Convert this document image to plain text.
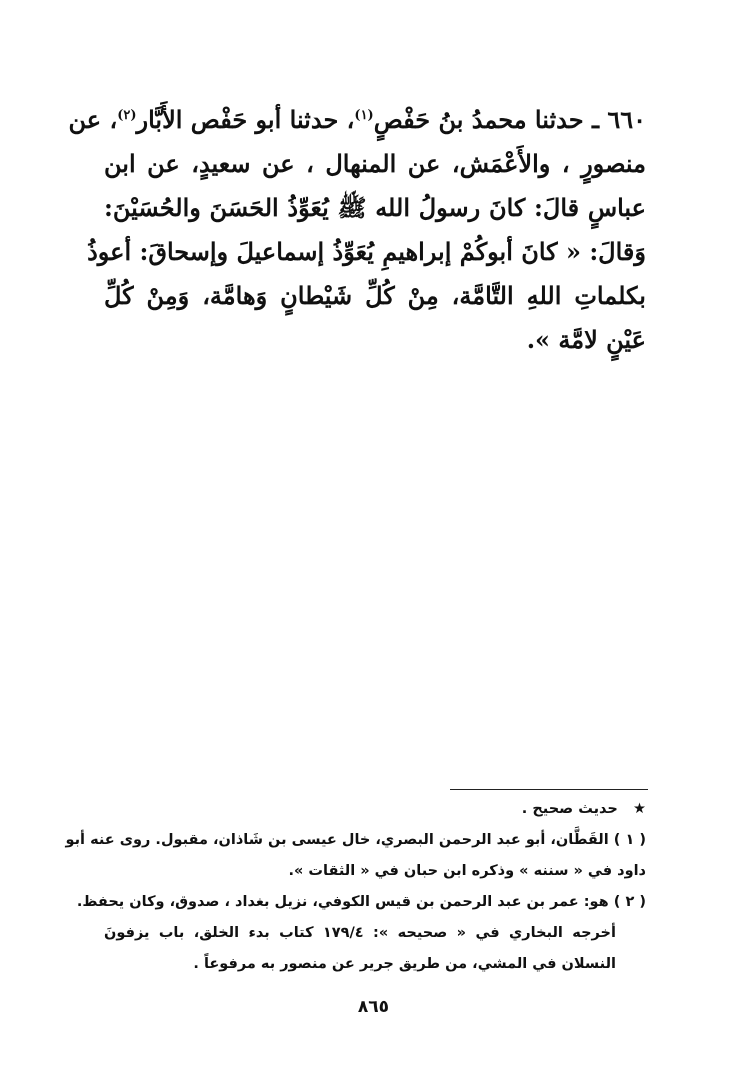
٦٦٠ ـ حدثنا محمدُ بنُ حَفْصٍ$^{(١)}$، حدثنا أبو حَفْص الأَبَّار$^{(٢)}$، عن
منصورٍ ، والأَعْمَش، عن المنهال ، عن سعيدٍ، عن ابن
عباسٍ قالَ: كانَ رسولُ الله ﷺ يُعَوِّذُ الحَسَنَ والحُسَيْنَ:
وَقالَ: « كانَ أبوكُمْ إبراهيمِ يُعَوِّذُ إسماعيلَ وإسحاقَ: أعوذُ
بكلماتِ اللهِ التَّامَّة، مِنْ كُلِّ شَيْطانٍ وَهامَّة، وَمِنْ كُلِّ
عَيْنٍ لامَّة ».
★   حديث صحيح .
( ١ ) القَطَّان، أبو عبد الرحمن البصري، خال عيسى بن شَاذان، مقبول. روى عنه أبو
داود في « سننه » وذكره ابن حبان في « الثقات ».
( ٢ ) هو: عمر بن عبد الرحمن بن قيس الكوفي، نزيل بغداد ، صدوق، وكان يحفظ.
أخرجه البخاري في « صحيحه »: ١٧٩/٤ كتاب بدء الخلق، باب يزفونَ
النسلان في المشي، من طريق جرير عن منصور به مرفوعاً .
٨٦٥
